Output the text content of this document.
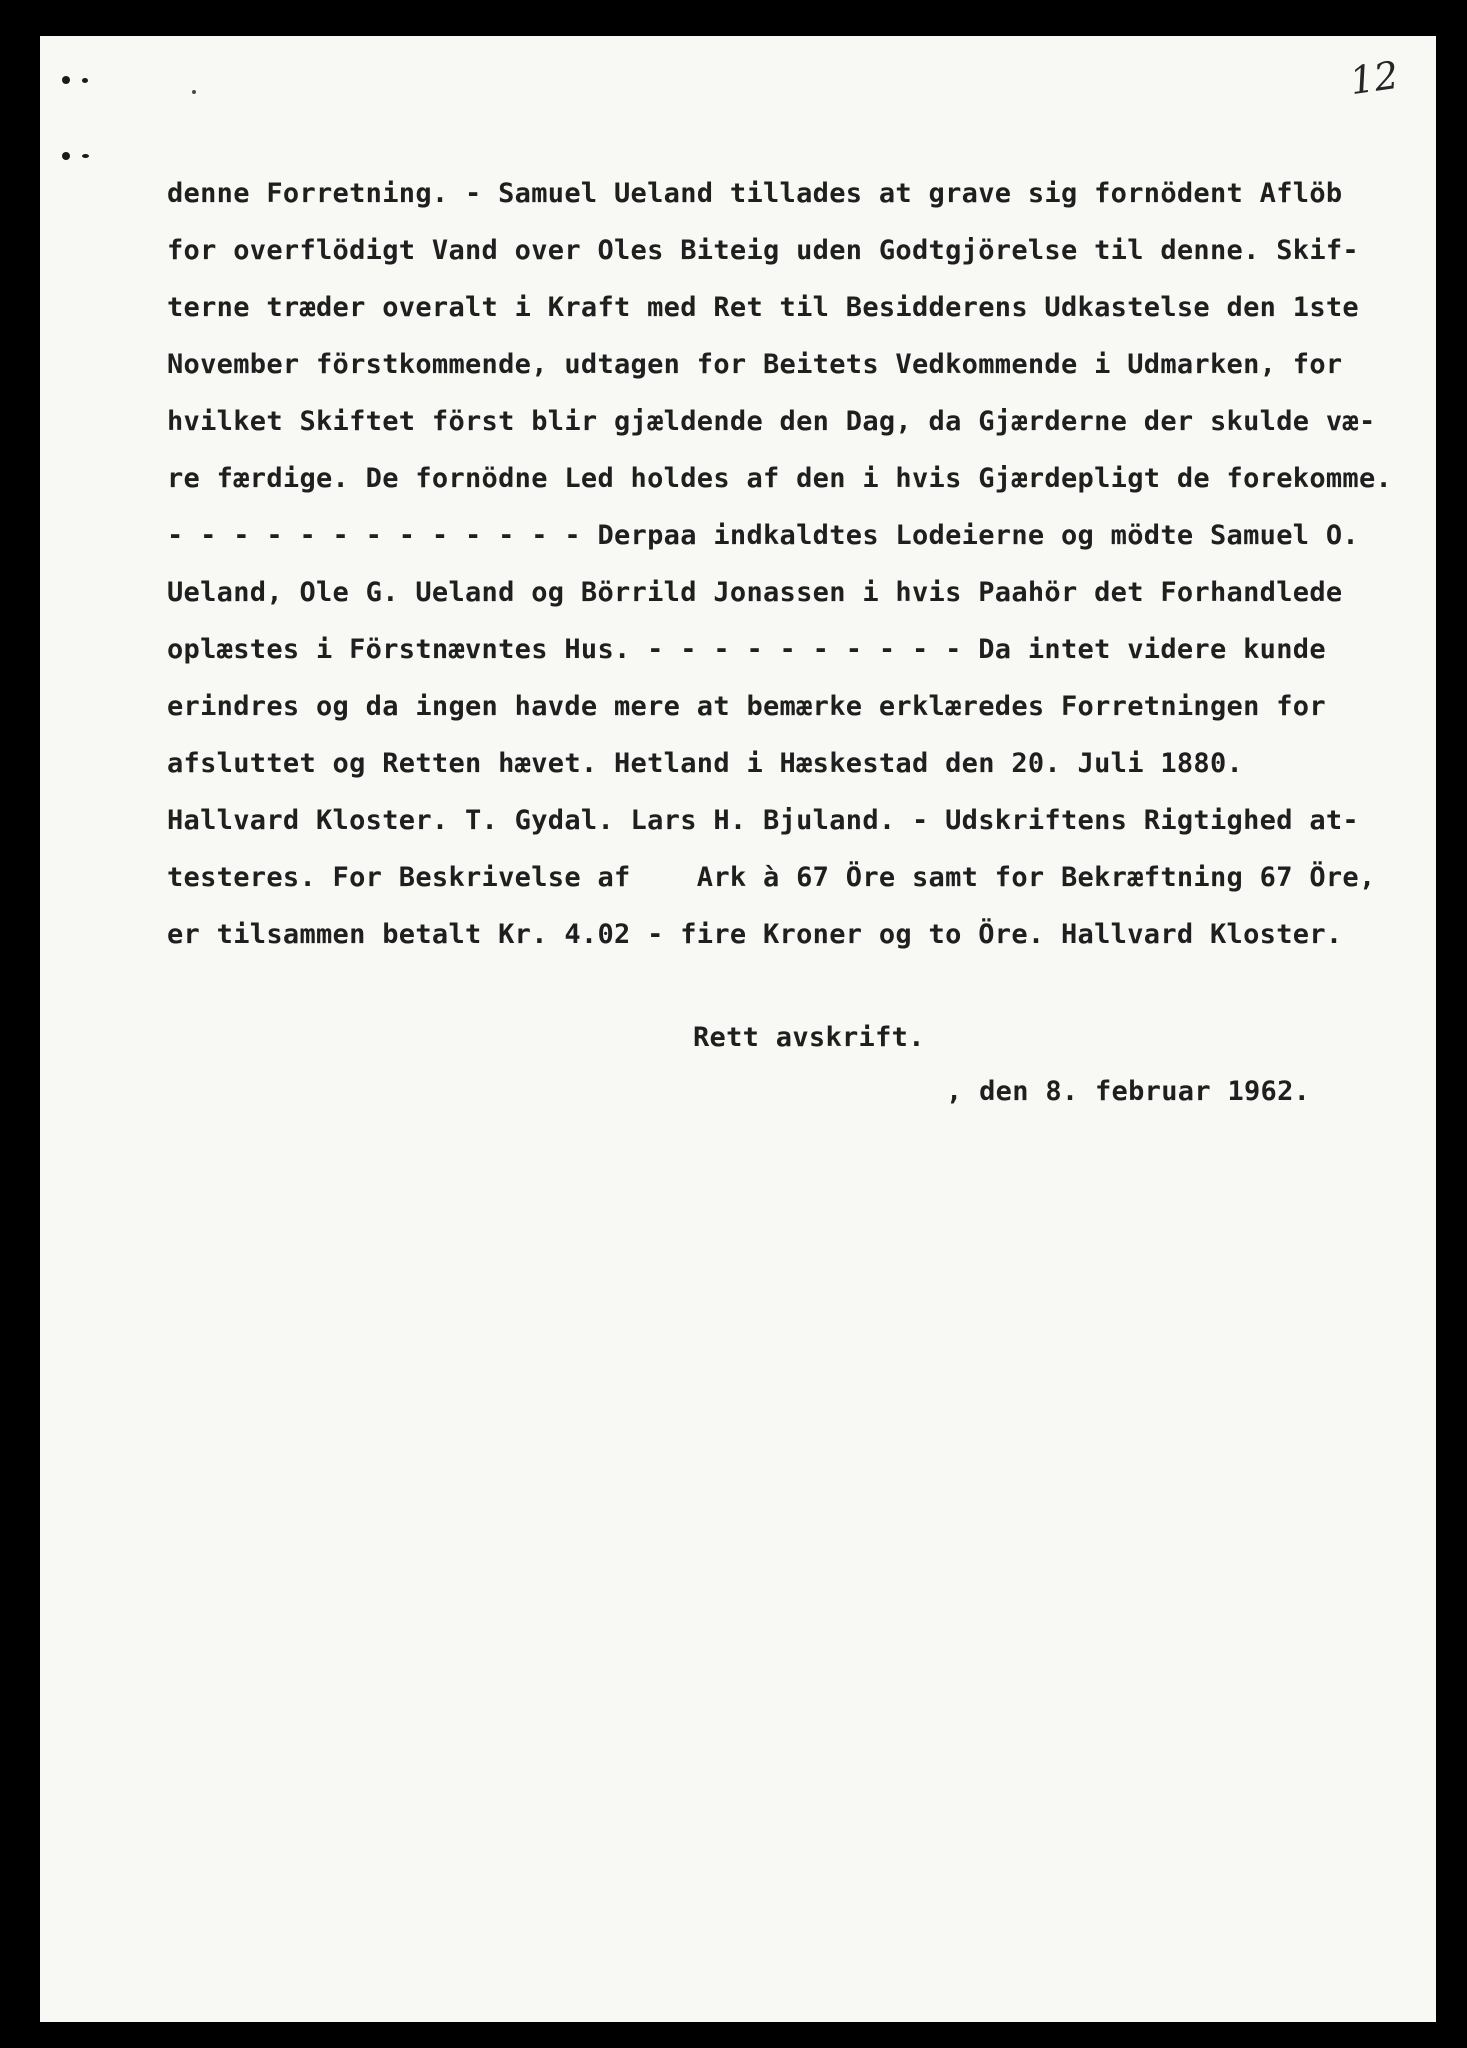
12
denne Forretning. - Samuel Ueland tillades at grave sig fornödent Aflöb
for overflödigt Vand over Oles Biteig uden Godtgjörelse til denne. Skif-
terne træder overalt i Kraft med Ret til Besidderens Udkastelse den 1ste
November förstkommende, udtagen for Beitets Vedkommende i Udmarken, for
hvilket Skiftet först blir gjældende den Dag, da Gjærderne der skulde væ-
re færdige. De fornödne Led holdes af den i hvis Gjærdepligt de forekomme.
- - - - - - - - - - - - - Derpaa indkaldtes Lodeierne og mödte Samuel O.
Ueland, Ole G. Ueland og Börrild Jonassen i hvis Paahör det Forhandlede
oplæstes i Förstnævntes Hus. - - - - - - - - - - Da intet videre kunde
erindres og da ingen havde mere at bemærke erklæredes Forretningen for
afsluttet og Retten hævet. Hetland i Hæskestad den 20. Juli 1880.
Hallvard Kloster. T. Gydal. Lars H. Bjuland. - Udskriftens Rigtighed at-
testeres. For Beskrivelse af    Ark à 67 Öre samt for Bekræftning 67 Öre,
er tilsammen betalt Kr. 4.02 - fire Kroner og to Öre. Hallvard Kloster.
Rett avskrift.
, den 8. februar 1962.
